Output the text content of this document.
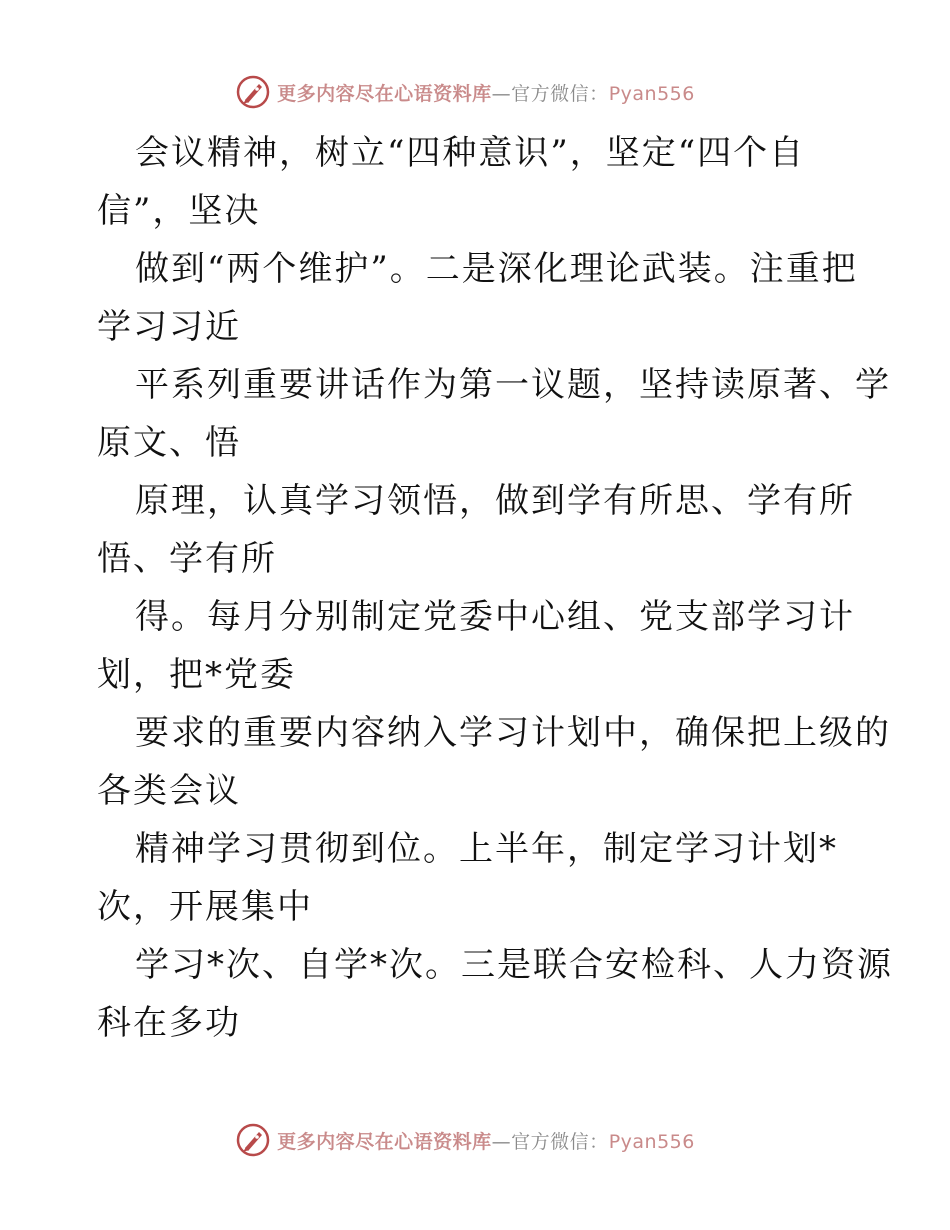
更多内容尽在心语资料库—官方微信：Pyan556
会议精神，树立“四种意识”，坚定“四个自
信”，坚决
做到“两个维护”。二是深化理论武装。注重把
学习习近
平系列重要讲话作为第一议题，坚持读原著、学
原文、悟
原理，认真学习领悟，做到学有所思、学有所
悟、学有所
得。每月分别制定党委中心组、党支部学习计
划，把*党委
要求的重要内容纳入学习计划中，确保把上级的
各类会议
精神学习贯彻到位。上半年，制定学习计划*
次，开展集中
学习*次、自学*次。三是联合安检科、人力资源
科在多功
更多内容尽在心语资料库—官方微信：Pyan556
